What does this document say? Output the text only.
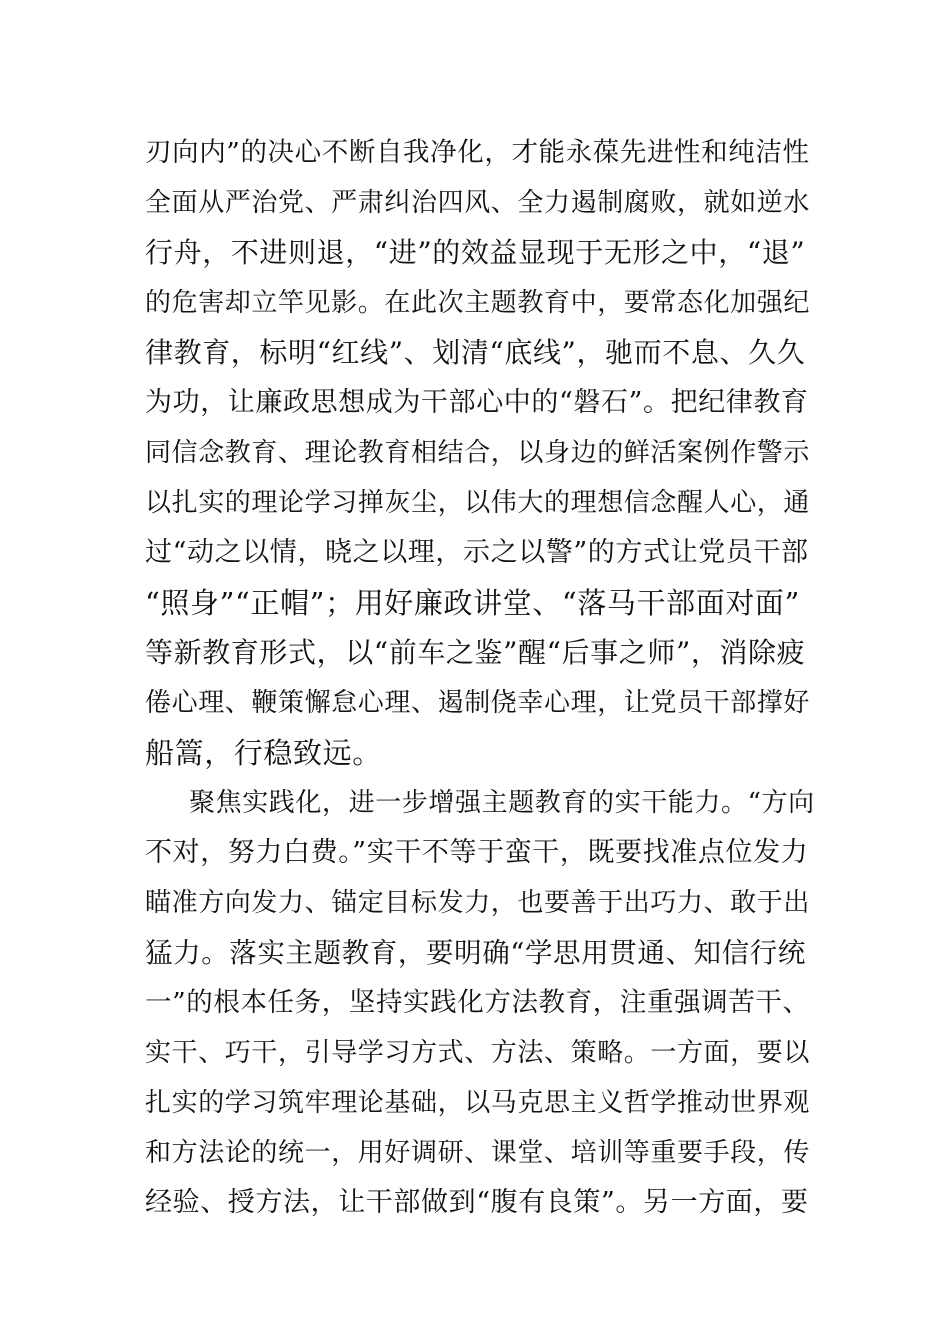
刃向内”的决心不断自我净化，才能永葆先进性和纯洁性
全面从严治党、严肃纠治四风、全力遏制腐败，就如逆水
行舟，不进则退，“进”的效益显现于无形之中，“退”
的危害却立竿见影。在此次主题教育中，要常态化加强纪
律教育，标明“红线”、划清“底线”，驰而不息、久久
为功，让廉政思想成为干部心中的“磐石”。把纪律教育
同信念教育、理论教育相结合，以身边的鲜活案例作警示
以扎实的理论学习掸灰尘，以伟大的理想信念醒人心，通
过“动之以情，晓之以理，示之以警”的方式让党员干部
“照身”“正帽”；用好廉政讲堂、“落马干部面对面”
等新教育形式，以“前车之鉴”醒“后事之师”，消除疲
倦心理、鞭策懈怠心理、遏制侥幸心理，让党员干部撑好
船篙，行稳致远。
聚焦实践化，进一步增强主题教育的实干能力。“方向
不对，努力白费。”实干不等于蛮干，既要找准点位发力
瞄准方向发力、锚定目标发力，也要善于出巧力、敢于出
猛力。落实主题教育，要明确“学思用贯通、知信行统
一”的根本任务，坚持实践化方法教育，注重强调苦干、
实干、巧干，引导学习方式、方法、策略。一方面，要以
扎实的学习筑牢理论基础，以马克思主义哲学推动世界观
和方法论的统一，用好调研、课堂、培训等重要手段，传
经验、授方法，让干部做到“腹有良策”。另一方面，要
